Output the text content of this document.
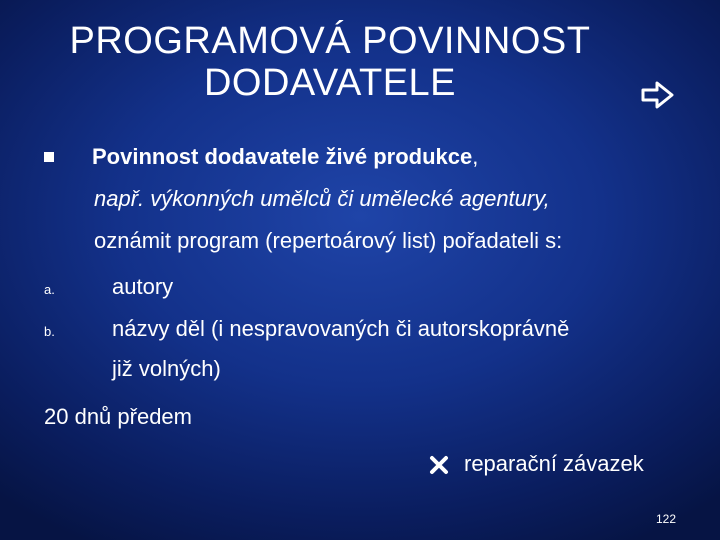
PROGRAMOVÁ POVINNOST
DODAVATELE
Povinnost dodavatele živé produkce,
např. výkonných umělců či umělecké agentury,
oznámit program (repertoárový list) pořadateli s:
a.	autory
b.	názvy děl (i nespravovaných či autorskoprávně
již volných)
20 dnů předem
reparační závazek
122
